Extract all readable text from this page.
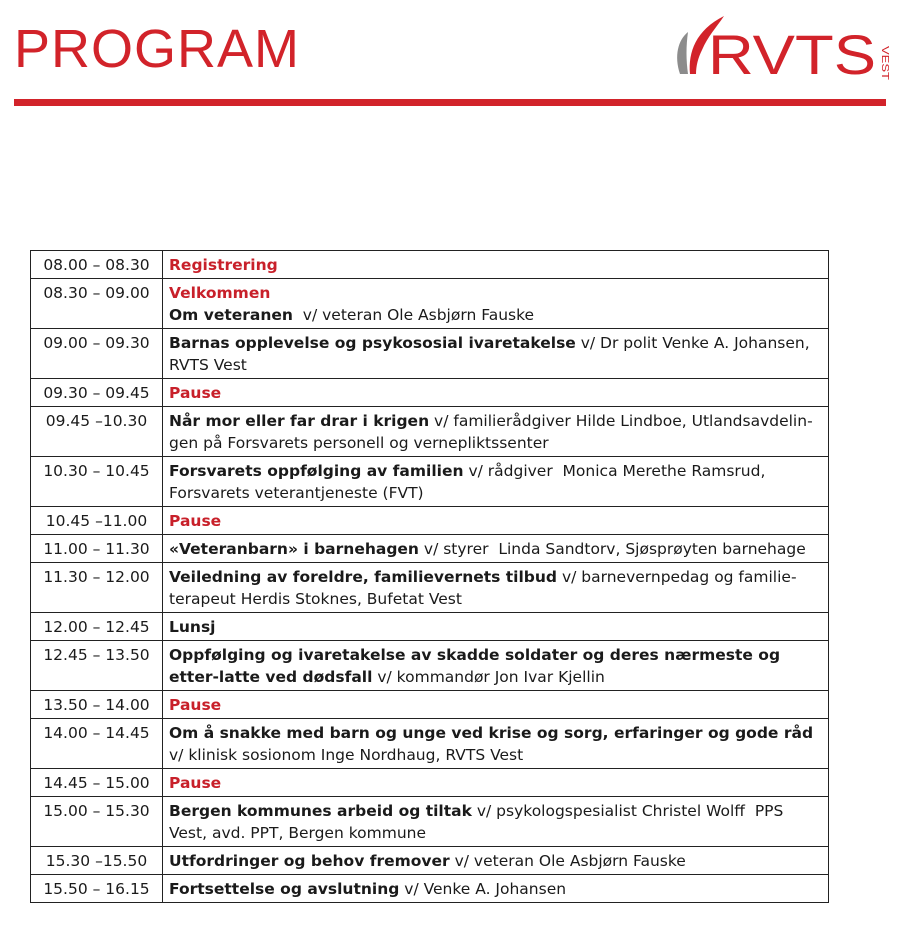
PROGRAM	RVTS VEST
08.00 – 08.30	Registrering
08.30 – 09.00	Velkommen
Om veteranen  v/ veteran Ole Asbjørn Fauske
09.00 – 09.30	Barnas opplevelse og psykososial ivaretakelse v/ Dr polit Venke A. Johansen, RVTS Vest
09.30 – 09.45	Pause
09.45 –10.30	Når mor eller far drar i krigen v/ familierådgiver Hilde Lindboe, Utlandsavdelin-gen på Forsvarets personell og vernepliktssenter
10.30 – 10.45	Forsvarets oppfølging av familien v/ rådgiver  Monica Merethe Ramsrud, Forsvarets veterantjeneste (FVT)
10.45 –11.00	Pause
11.00 – 11.30	«Veteranbarn» i barnehagen v/ styrer  Linda Sandtorv, Sjøsprøyten barnehage
11.30 – 12.00	Veiledning av foreldre, familievernets tilbud v/ barnevernpedag og familie-terapeut Herdis Stoknes, Bufetat Vest
12.00 – 12.45	Lunsj
12.45 – 13.50	Oppfølging og ivaretakelse av skadde soldater og deres nærmeste og etter-latte ved dødsfall v/ kommandør Jon Ivar Kjellin
13.50 – 14.00	Pause
14.00 – 14.45	Om å snakke med barn og unge ved krise og sorg, erfaringer og gode råd v/ klinisk sosionom Inge Nordhaug, RVTS Vest
14.45 – 15.00	Pause
15.00 – 15.30	Bergen kommunes arbeid og tiltak v/ psykologspesialist Christel Wolff  PPS Vest, avd. PPT, Bergen kommune
15.30 –15.50	Utfordringer og behov fremover v/ veteran Ole Asbjørn Fauske
15.50 – 16.15	Fortsettelse og avslutning v/ Venke A. Johansen
